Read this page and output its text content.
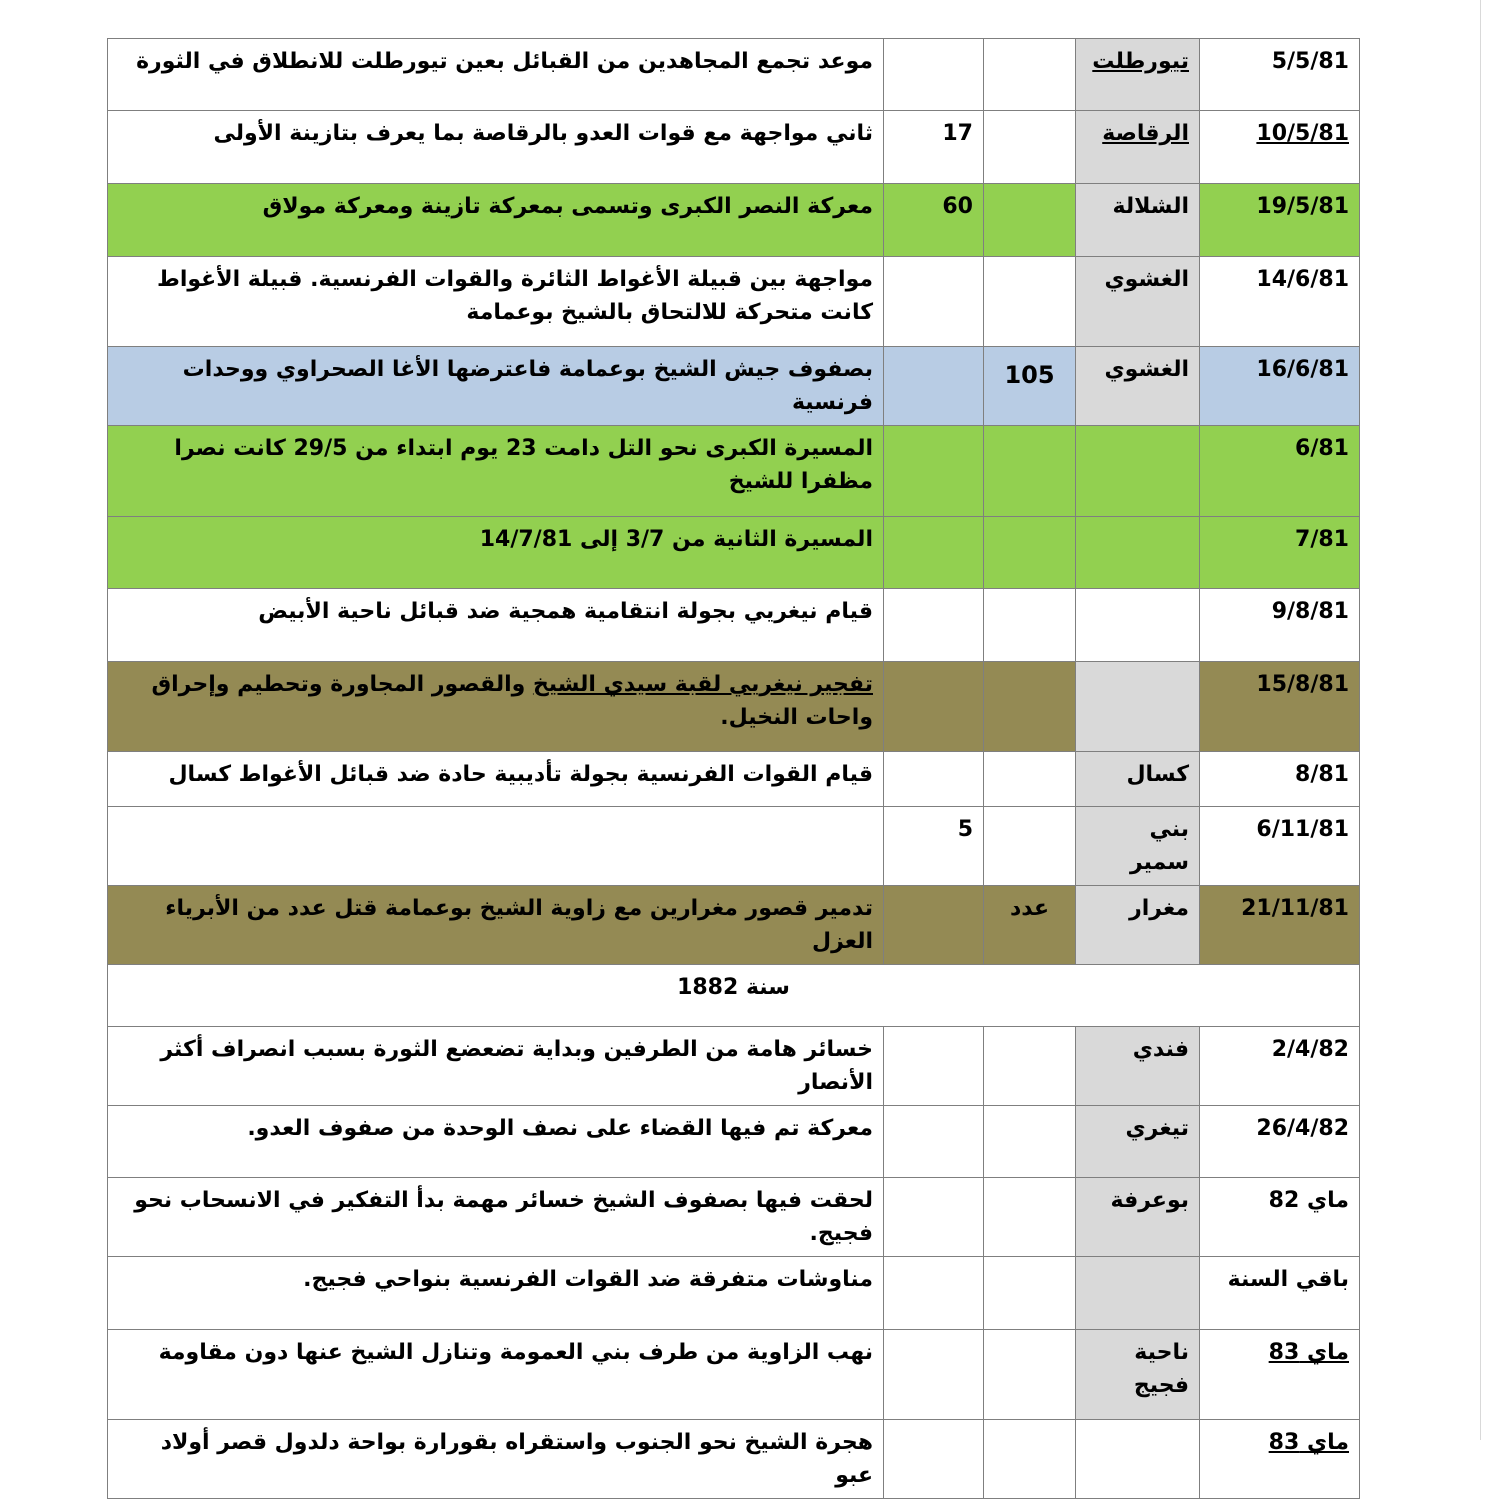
5/5/81	تيورطلت			موعد تجمع المجاهدين من القبائل بعين تيورطلت للانطلاق في الثورة
10/5/81	الرقاصة		17	ثاني مواجهة مع قوات العدو بالرقاصة بما يعرف بتازينة الأولى
19/5/81	الشلالة		60	معركة النصر الكبرى وتسمى بمعركة تازينة ومعركة مولاق
14/6/81	الغشوي			مواجهة بين قبيلة الأغواط الثائرة والقوات الفرنسية. قبيلة الأغواط كانت متحركة للالتحاق بالشيخ بوعمامة
16/6/81	الغشوي	105		بصفوف جيش الشيخ بوعمامة فاعترضها الأغا الصحراوي ووحدات فرنسية
6/81				المسيرة الكبرى نحو التل دامت 23 يوم ابتداء من 29/5 كانت نصرا مظفرا للشيخ
7/81				المسيرة الثانية من 3/7 إلى 14/7/81
9/8/81				قيام نيغريي بجولة انتقامية همجية ضد قبائل ناحية الأبيض
15/8/81				تفجير نيغريي لقبة سيدي الشيخ والقصور المجاورة وتحطيم وإحراق واحات النخيل.
8/81	كسال			قيام القوات الفرنسية بجولة تأديبية حادة ضد قبائل الأغواط كسال
6/11/81	بني سمير		5	
21/11/81	مغرار	عدد		تدمير قصور مغرارين مع زاوية الشيخ بوعمامة قتل عدد من الأبرياء العزل
سنة 1882				
2/4/82	فندي			خسائر هامة من الطرفين وبداية تضعضع الثورة بسبب انصراف أكثر الأنصار
26/4/82	تيغري			معركة تم فيها القضاء على نصف الوحدة من صفوف العدو.
ماي 82	بوعرفة			لحقت فيها بصفوف الشيخ خسائر مهمة بدأ التفكير في الانسحاب نحو فجيج.
باقي السنة				مناوشات متفرقة ضد القوات الفرنسية بنواحي فجيج.
ماي 83	ناحية فجيج			نهب الزاوية من طرف بني العمومة وتنازل الشيخ عنها دون مقاومة
ماي 83				هجرة الشيخ نحو الجنوب واستقراه بقورارة بواحة دلدول قصر أولاد عبو
